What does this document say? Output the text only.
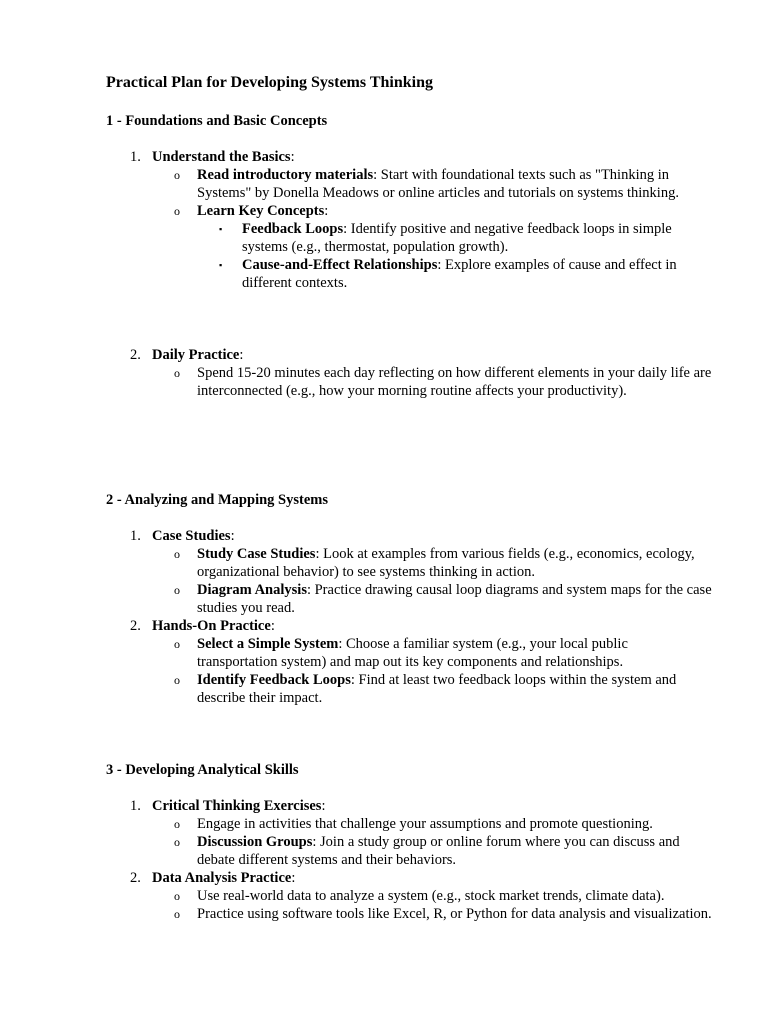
Practical Plan for Developing Systems Thinking
1 - Foundations and Basic Concepts
1. Understand the Basics:
o Read introductory materials: Start with foundational texts such as "Thinking in Systems" by Donella Meadows or online articles and tutorials on systems thinking.
o Learn Key Concepts:
▪ Feedback Loops: Identify positive and negative feedback loops in simple systems (e.g., thermostat, population growth).
▪ Cause-and-Effect Relationships: Explore examples of cause and effect in different contexts.
2. Daily Practice:
o Spend 15-20 minutes each day reflecting on how different elements in your daily life are interconnected (e.g., how your morning routine affects your productivity).
2 - Analyzing and Mapping Systems
1. Case Studies:
o Study Case Studies: Look at examples from various fields (e.g., economics, ecology, organizational behavior) to see systems thinking in action.
o Diagram Analysis: Practice drawing causal loop diagrams and system maps for the case studies you read.
2. Hands-On Practice:
o Select a Simple System: Choose a familiar system (e.g., your local public transportation system) and map out its key components and relationships.
o Identify Feedback Loops: Find at least two feedback loops within the system and describe their impact.
3 - Developing Analytical Skills
1. Critical Thinking Exercises:
o Engage in activities that challenge your assumptions and promote questioning.
o Discussion Groups: Join a study group or online forum where you can discuss and debate different systems and their behaviors.
2. Data Analysis Practice:
o Use real-world data to analyze a system (e.g., stock market trends, climate data).
o Practice using software tools like Excel, R, or Python for data analysis and visualization.
